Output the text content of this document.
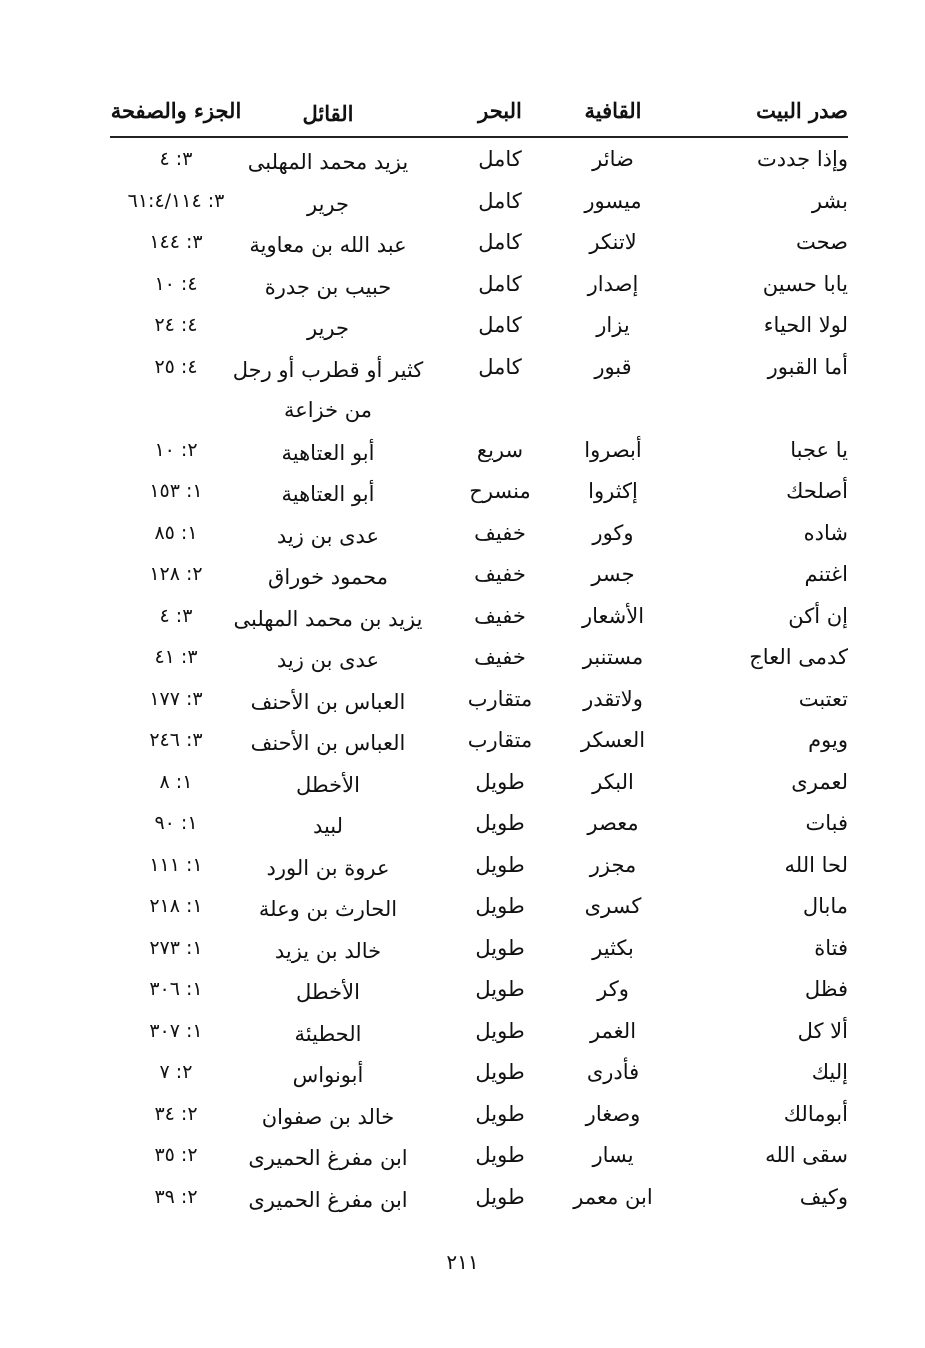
صدر البيت
القافية
البحر
القائل
الجزء والصفحة
وإذا جددت
ضائر
كامل
يزيد محمد المهلبى
٣: ٤
بشر
ميسور
كامل
جرير
٣: ٦١:٤/١١٤
صحت
لاتنكر
كامل
عبد الله بن معاوية
٣: ١٤٤
يابا حسين
إصدار
كامل
حبيب بن جدرة
٤: ١٠
لولا الحياء
يزار
كامل
جرير
٤: ٢٤
أما القبور
قبور
كامل
كثير أو قطرب أو رجل من خزاعة
٤: ٢٥
يا عجبا
أبصروا
سريع
أبو العتاهية
٢: ١٠
أصلحك
إكثروا
منسرح
أبو العتاهية
١: ١٥٣
شاده
وكور
خفيف
عدى بن زيد
١: ٨٥
اغتنم
جسر
خفيف
محمود خوراق
٢: ١٢٨
إن أكن
الأشعار
خفيف
يزيد بن محمد المهلبى
٣: ٤
كدمى العاج
مستنبر
خفيف
عدى بن زيد
٣: ٤١
تعتبت
ولاتقدر
متقارب
العباس بن الأحنف
٣: ١٧٧
ويوم
العسكر
متقارب
العباس بن الأحنف
٣: ٢٤٦
لعمرى
البكر
طويل
الأخطل
١: ٨
فبات
معصر
طويل
لبيد
١: ٩٠
لحا الله
مجزر
طويل
عروة بن الورد
١: ١١١
مابال
كسرى
طويل
الحارث بن وعلة
١: ٢١٨
فتاة
بكثير
طويل
خالد بن يزيد
١: ٢٧٣
فظل
وكر
طويل
الأخطل
١: ٣٠٦
ألا كل
الغمر
طويل
الحطيئة
١: ٣٠٧
إليك
فأدرى
طويل
أبونواس
٢: ٧
أبومالك
وصغار
طويل
خالد بن صفوان
٢: ٣٤
سقى الله
يسار
طويل
ابن مفرغ الحميرى
٢: ٣٥
وكيف
ابن معمر
طويل
ابن مفرغ الحميرى
٢: ٣٩
٢١١
